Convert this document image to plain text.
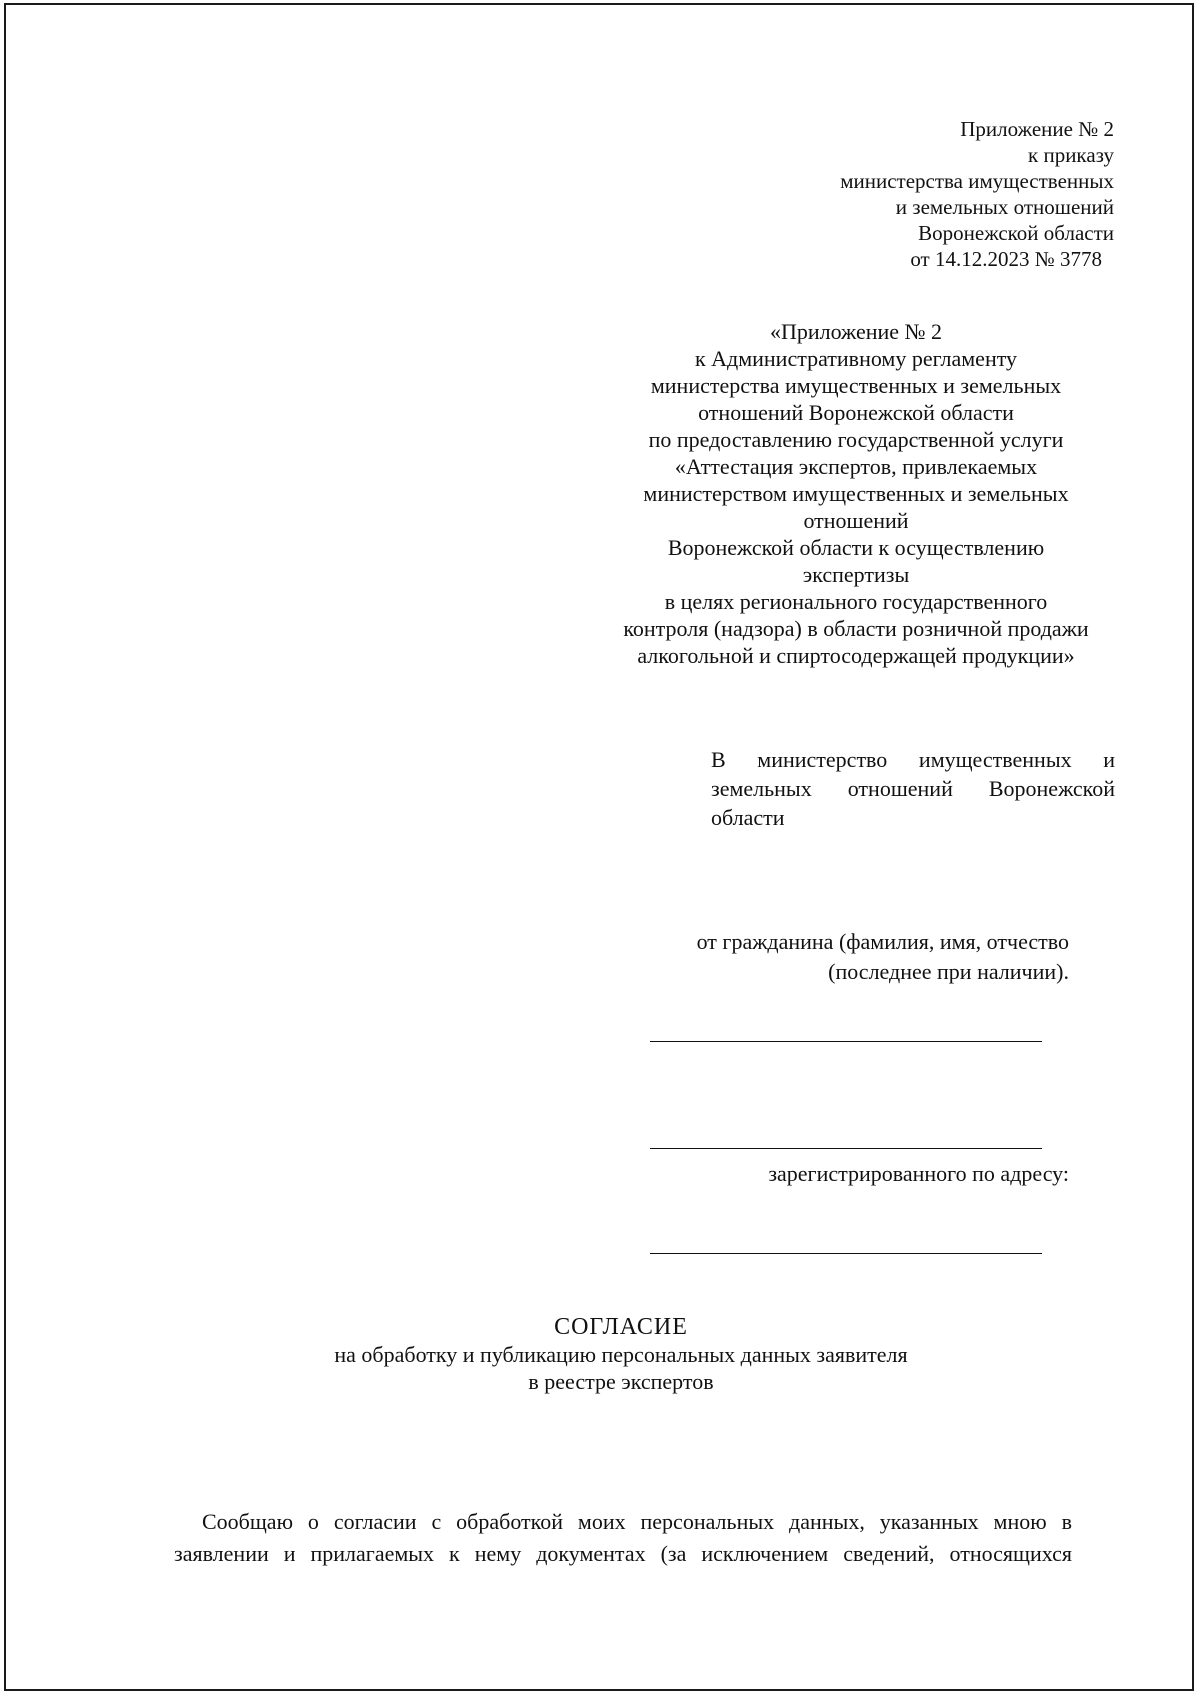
Приложение № 2
к приказу
министерства имущественных
и земельных отношений
Воронежской области
от 14.12.2023 № 3778
«Приложение № 2
к Административному регламенту
министерства имущественных и земельных
отношений Воронежской области
по предоставлению государственной услуги
«Аттестация экспертов, привлекаемых
министерством имущественных и земельных
отношений
Воронежской области к осуществлению
экспертизы
в целях регионального государственного
контроля (надзора) в области розничной продажи
алкогольной и спиртосодержащей продукции»
В министерство имущественных и земельных отношений Воронежской области
от гражданина (фамилия, имя, отчество
(последнее при наличии).
зарегистрированного по адресу:
СОГЛАСИЕ
на обработку и публикацию персональных данных заявителя
в реестре экспертов
Сообщаю о согласии с обработкой моих персональных данных, указанных мною в
заявлении и прилагаемых к нему документах (за исключением сведений, относящихся
